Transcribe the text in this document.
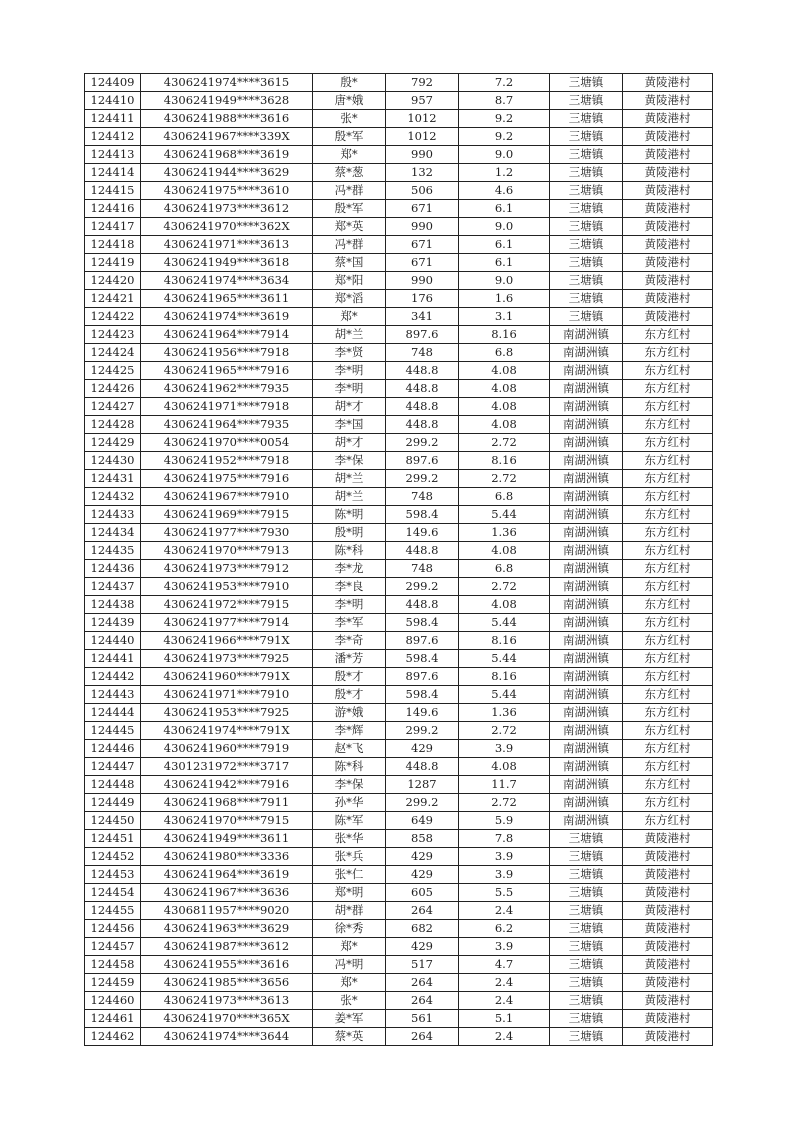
124409	4306241974****3615	殷*	792	7.2	三塘镇	黄陵港村
124410	4306241949****3628	唐*娥	957	8.7	三塘镇	黄陵港村
124411	4306241988****3616	张*	1012	9.2	三塘镇	黄陵港村
124412	4306241967****339X	殷*军	1012	9.2	三塘镇	黄陵港村
124413	4306241968****3619	郑*	990	9.0	三塘镇	黄陵港村
124414	4306241944****3629	蔡*葱	132	1.2	三塘镇	黄陵港村
124415	4306241975****3610	冯*群	506	4.6	三塘镇	黄陵港村
124416	4306241973****3612	殷*军	671	6.1	三塘镇	黄陵港村
124417	4306241970****362X	郑*英	990	9.0	三塘镇	黄陵港村
124418	4306241971****3613	冯*群	671	6.1	三塘镇	黄陵港村
124419	4306241949****3618	蔡*国	671	6.1	三塘镇	黄陵港村
124420	4306241974****3634	郑*阳	990	9.0	三塘镇	黄陵港村
124421	4306241965****3611	郑*滔	176	1.6	三塘镇	黄陵港村
124422	4306241974****3619	郑*	341	3.1	三塘镇	黄陵港村
124423	4306241964****7914	胡*兰	897.6	8.16	南湖洲镇	东方红村
124424	4306241956****7918	李*贤	748	6.8	南湖洲镇	东方红村
124425	4306241965****7916	李*明	448.8	4.08	南湖洲镇	东方红村
124426	4306241962****7935	李*明	448.8	4.08	南湖洲镇	东方红村
124427	4306241971****7918	胡*才	448.8	4.08	南湖洲镇	东方红村
124428	4306241964****7935	李*国	448.8	4.08	南湖洲镇	东方红村
124429	4306241970****0054	胡*才	299.2	2.72	南湖洲镇	东方红村
124430	4306241952****7918	李*保	897.6	8.16	南湖洲镇	东方红村
124431	4306241975****7916	胡*兰	299.2	2.72	南湖洲镇	东方红村
124432	4306241967****7910	胡*兰	748	6.8	南湖洲镇	东方红村
124433	4306241969****7915	陈*明	598.4	5.44	南湖洲镇	东方红村
124434	4306241977****7930	殷*明	149.6	1.36	南湖洲镇	东方红村
124435	4306241970****7913	陈*科	448.8	4.08	南湖洲镇	东方红村
124436	4306241973****7912	李*龙	748	6.8	南湖洲镇	东方红村
124437	4306241953****7910	李*良	299.2	2.72	南湖洲镇	东方红村
124438	4306241972****7915	李*明	448.8	4.08	南湖洲镇	东方红村
124439	4306241977****7914	李*军	598.4	5.44	南湖洲镇	东方红村
124440	4306241966****791X	李*奇	897.6	8.16	南湖洲镇	东方红村
124441	4306241973****7925	潘*芳	598.4	5.44	南湖洲镇	东方红村
124442	4306241960****791X	殷*才	897.6	8.16	南湖洲镇	东方红村
124443	4306241971****7910	殷*才	598.4	5.44	南湖洲镇	东方红村
124444	4306241953****7925	游*娥	149.6	1.36	南湖洲镇	东方红村
124445	4306241974****791X	李*辉	299.2	2.72	南湖洲镇	东方红村
124446	4306241960****7919	赵*飞	429	3.9	南湖洲镇	东方红村
124447	4301231972****3717	陈*科	448.8	4.08	南湖洲镇	东方红村
124448	4306241942****7916	李*保	1287	11.7	南湖洲镇	东方红村
124449	4306241968****7911	孙*华	299.2	2.72	南湖洲镇	东方红村
124450	4306241970****7915	陈*军	649	5.9	南湖洲镇	东方红村
124451	4306241949****3611	张*华	858	7.8	三塘镇	黄陵港村
124452	4306241980****3336	张*兵	429	3.9	三塘镇	黄陵港村
124453	4306241964****3619	张*仁	429	3.9	三塘镇	黄陵港村
124454	4306241967****3636	郑*明	605	5.5	三塘镇	黄陵港村
124455	4306811957****9020	胡*群	264	2.4	三塘镇	黄陵港村
124456	4306241963****3629	徐*秀	682	6.2	三塘镇	黄陵港村
124457	4306241987****3612	郑*	429	3.9	三塘镇	黄陵港村
124458	4306241955****3616	冯*明	517	4.7	三塘镇	黄陵港村
124459	4306241985****3656	郑*	264	2.4	三塘镇	黄陵港村
124460	4306241973****3613	张*	264	2.4	三塘镇	黄陵港村
124461	4306241970****365X	姜*军	561	5.1	三塘镇	黄陵港村
124462	4306241974****3644	蔡*英	264	2.4	三塘镇	黄陵港村
